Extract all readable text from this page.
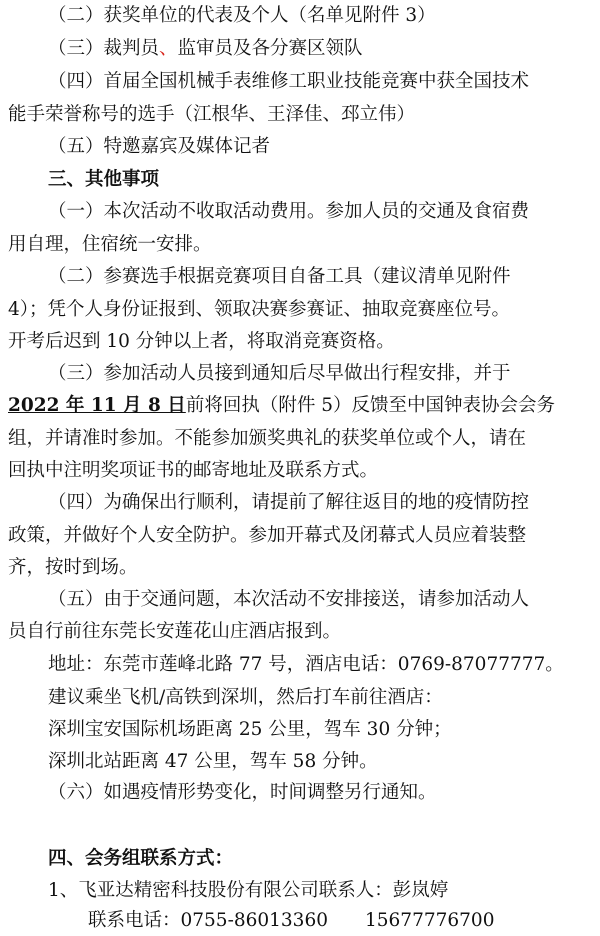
（二）获奖单位的代表及个人（名单见附件 3）
（三）裁判员、监审员及各分赛区领队
（四）首届全国机械手表维修工职业技能竞赛中获全国技术
能手荣誉称号的选手（江根华、王泽佳、邳立伟）
（五）特邀嘉宾及媒体记者
三、其他事项
（一）本次活动不收取活动费用。参加人员的交通及食宿费
用自理，住宿统一安排。
（二）参赛选手根据竞赛项目自备工具（建议清单见附件
4）；凭个人身份证报到、领取决赛参赛证、抽取竞赛座位号。
开考后迟到 10 分钟以上者，将取消竞赛资格。
（三）参加活动人员接到通知后尽早做出行程安排，并于
2022 年 11 月 8 日前将回执（附件 5）反馈至中国钟表协会会务
组，并请准时参加。不能参加颁奖典礼的获奖单位或个人，请在
回执中注明奖项证书的邮寄地址及联系方式。
（四）为确保出行顺利，请提前了解往返目的地的疫情防控
政策，并做好个人安全防护。参加开幕式及闭幕式人员应着装整
齐，按时到场。
（五）由于交通问题，本次活动不安排接送，请参加活动人
员自行前往东莞长安莲花山庄酒店报到。
地址：东莞市莲峰北路 77 号，酒店电话：0769-87077777。
建议乘坐飞机/高铁到深圳，然后打车前往酒店：
深圳宝安国际机场距离 25 公里，驾车 30 分钟；
深圳北站距离 47 公里，驾车 58 分钟。
（六）如遇疫情形势变化，时间调整另行通知。
四、会务组联系方式：
1、飞亚达精密科技股份有限公司联系人：彭岚婷
联系电话：0755-86013360　　15677776700
